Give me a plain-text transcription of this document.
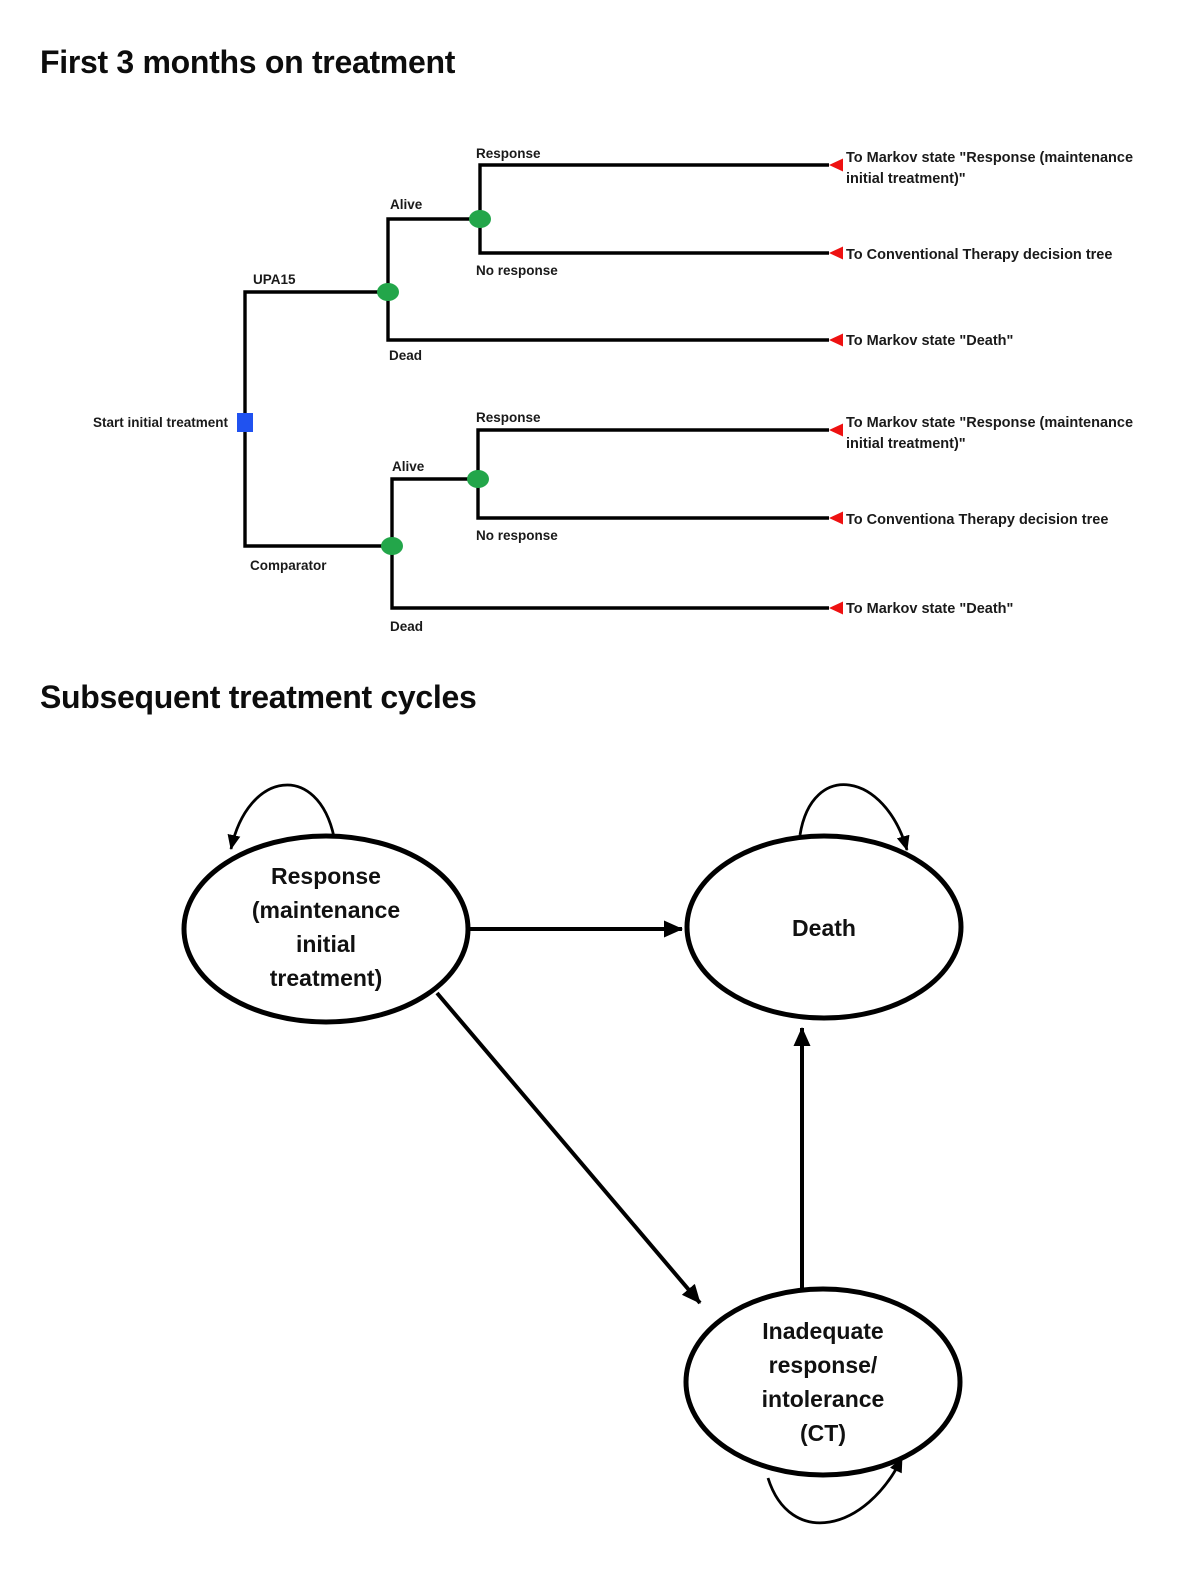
First 3 months on treatment
Start initial treatment
UPA15
Comparator
Alive
Dead
Response
No response
Alive
Dead
Response
No response
To Markov state "Response (maintenance
initial treatment)"
To Conventional Therapy decision tree
To Markov state "Death"
To Markov state "Response (maintenance
initial treatment)"
To Conventiona Therapy decision tree
To Markov state "Death"
Subsequent treatment cycles
Response
(maintenance
initial
treatment)
Death
Inadequate
response/
intolerance
(CT)
